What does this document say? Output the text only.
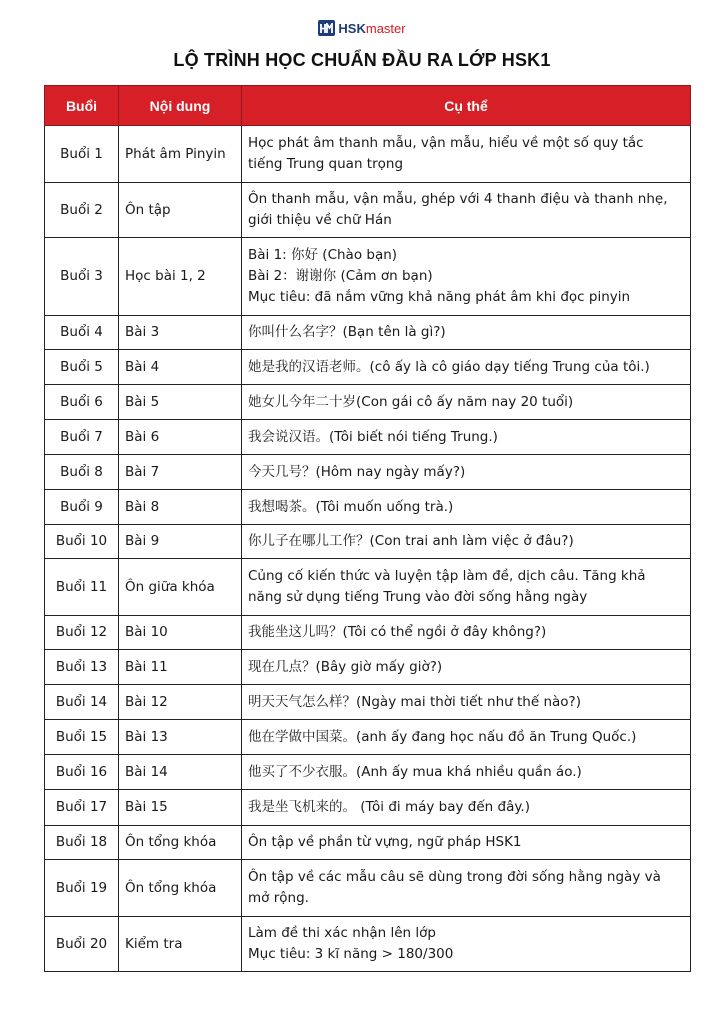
HSKmaster
LỘ TRÌNH HỌC CHUẨN ĐẦU RA LỚP HSK1
Buổi	Nội dung	Cụ thể
Buổi 1	Phát âm Pinyin	Học phát âm thanh mẫu, vận mẫu, hiểu về một số quy tắc
tiếng Trung quan trọng

Buổi 2	Ôn tập	Ôn thanh mẫu, vận mẫu, ghép với 4 thanh điệu và thanh nhẹ,
giới thiệu về chữ Hán

Buổi 3	Học bài 1, 2	Bài 1: 你好 (Chào bạn)
Bài 2：谢谢你 (Cảm ơn bạn)
Mục tiêu: đã nắm vững khả năng phát âm khi đọc pinyin

Buổi 4	Bài 3	你叫什么名字？(Bạn tên là gì?)

Buổi 5	Bài 4	她是我的汉语老师。(cô ấy là cô giáo dạy tiếng Trung của tôi.)

Buổi 6	Bài 5	她女儿今年二十岁(Con gái cô ấy năm nay 20 tuổi)

Buổi 7	Bài 6	我会说汉语。(Tôi biết nói tiếng Trung.)

Buổi 8	Bài 7	今天几号？(Hôm nay ngày mấy?)

Buổi 9	Bài 8	我想喝茶。(Tôi muốn uống trà.)

Buổi 10	Bài 9	你儿子在哪儿工作？(Con trai anh làm việc ở đâu?)

Buổi 11	Ôn giữa khóa	Củng cố kiến thức và luyện tập làm đề, dịch câu. Tăng khả
năng sử dụng tiếng Trung vào đời sống hằng ngày

Buổi 12	Bài 10	我能坐这儿吗？(Tôi có thể ngồi ở đây không?)

Buổi 13	Bài 11	现在几点？(Bây giờ mấy giờ?)

Buổi 14	Bài 12	明天天气怎么样？(Ngày mai thời tiết như thế nào?)

Buổi 15	Bài 13	他在学做中国菜。(anh ấy đang học nấu đồ ăn Trung Quốc.)

Buổi 16	Bài 14	他买了不少衣服。(Anh ấy mua khá nhiều quần áo.)

Buổi 17	Bài 15	我是坐飞机来的。 (Tôi đi máy bay đến đây.)

Buổi 18	Ôn tổng khóa	Ôn tập về phần từ vựng, ngữ pháp HSK1

Buổi 19	Ôn tổng khóa	Ôn tập về các mẫu câu sẽ dùng trong đời sống hằng ngày và
mở rộng.

Buổi 20	Kiểm tra	Làm đề thi xác nhận lên lớp
Mục tiêu: 3 kĩ năng > 180/300
